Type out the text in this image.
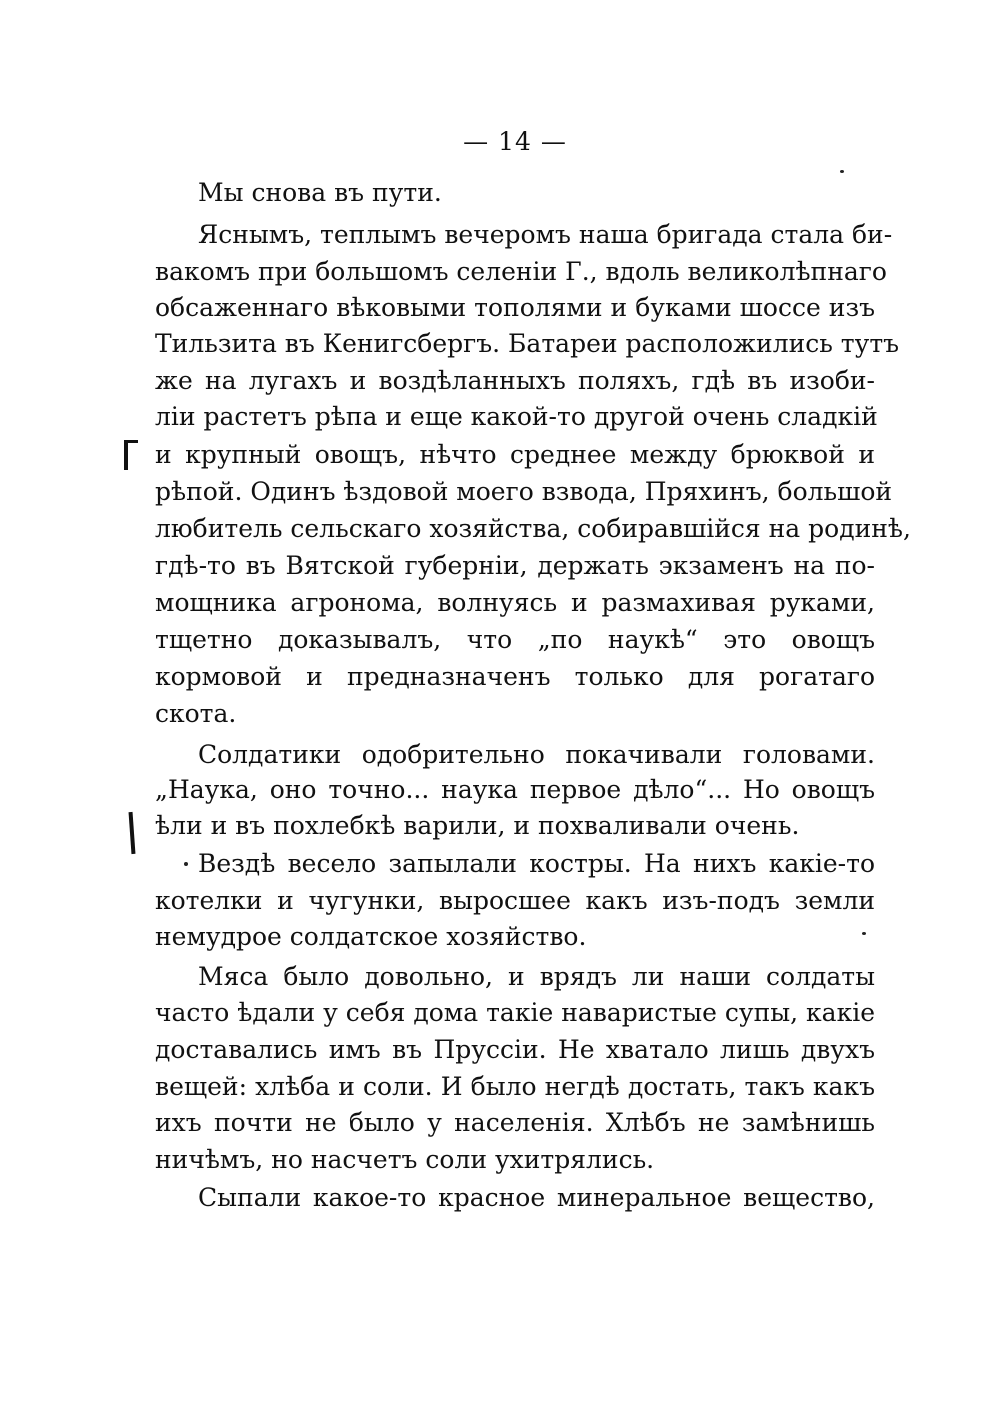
— 14 —
Мы снова въ пути.
Яснымъ, теплымъ вечеромъ наша бригада стала би-
вакомъ при большомъ селенiи Г., вдоль великолѣпнаго
обсаженнаго вѣковыми тополями и буками шоссе изъ
Тильзита въ Кенигсбергъ. Батареи расположились тутъ
же на лугахъ и воздѣланныхъ поляхъ, гдѣ въ изоби-
лiи растетъ рѣпа и еще какой-то другой очень сладкiй
и крупный овощъ, нѣчто среднее между брюквой и
рѣпой. Одинъ ѣздовой моего взвода, Пряхинъ, большой
любитель сельскаго хозяйства, собиравшiйся на родинѣ,
гдѣ-то въ Вятской губернiи, держать экзаменъ на по-
мощника агронома, волнуясь и размахивая руками,
тщетно доказывалъ, что „по наукѣ“ это овощъ
кормовой и предназначенъ только для рогатаго
скота.
Солдатики одобрительно покачивали головами.
„Наука, оно точно... наука первое дѣло“... Но овощъ
ѣли и въ похлебкѣ варили, и похваливали очень.
Вездѣ весело запылали костры. На нихъ какiе-то
котелки и чугунки, выросшее какъ изъ-подъ земли
немудрое солдатское хозяйство.
Мяса было довольно, и врядъ ли наши солдаты
часто ѣдали у себя дома такiе наваристые супы, какiе
доставались имъ въ Пруссiи. Не хватало лишь двухъ
вещей: хлѣба и соли. И было негдѣ достать, такъ какъ
ихъ почти не было у населенiя. Хлѣбъ не замѣнишь
ничѣмъ, но насчетъ соли ухитрялись.
Сыпали какое-то красное минеральное вещество,
